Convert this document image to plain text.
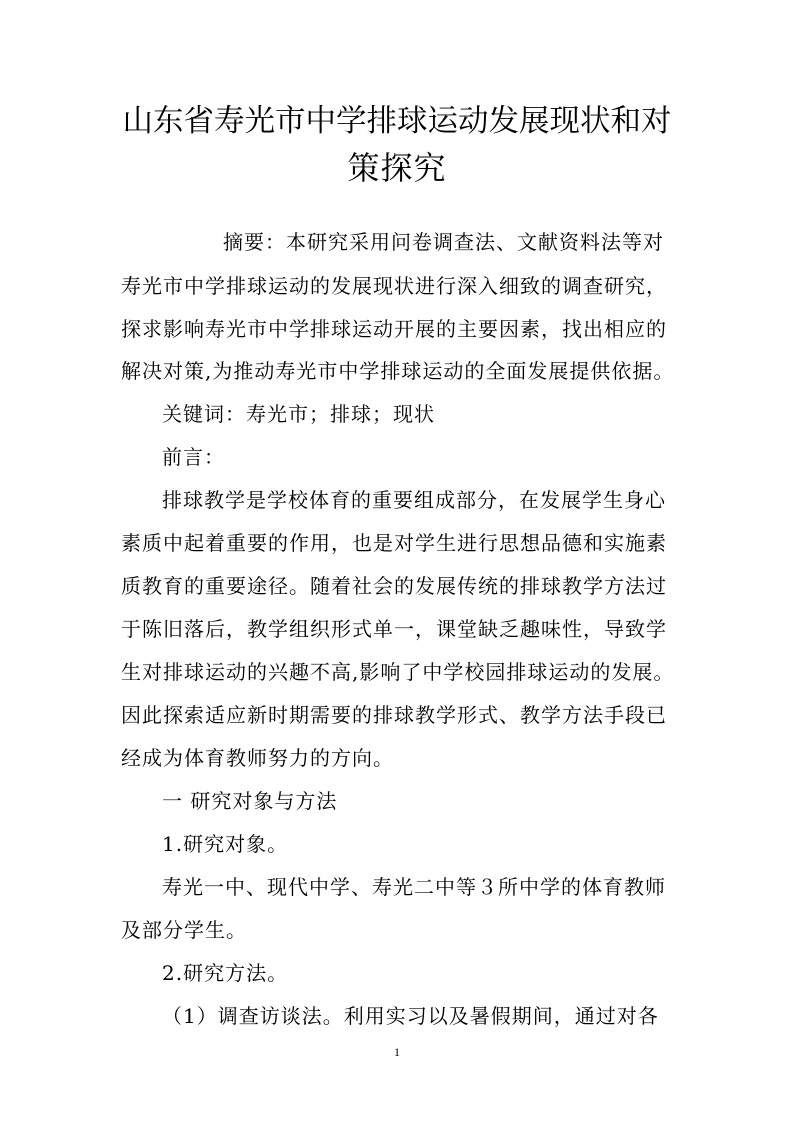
山东省寿光市中学排球运动发展现状和对
策探究
摘要：本研究采用问卷调查法、文献资料法等对
寿光市中学排球运动的发展现状进行深入细致的调查研究，
探求影响寿光市中学排球运动开展的主要因素，找出相应的
解决对策,为推动寿光市中学排球运动的全面发展提供依据。
关键词：寿光市；排球；现状
前言：
排球教学是学校体育的重要组成部分，在发展学生身心
素质中起着重要的作用，也是对学生进行思想品德和实施素
质教育的重要途径。随着社会的发展传统的排球教学方法过
于陈旧落后，教学组织形式单一，课堂缺乏趣味性，导致学
生对排球运动的兴趣不高,影响了中学校园排球运动的发展。
因此探索适应新时期需要的排球教学形式、教学方法手段已
经成为体育教师努力的方向。
一 研究对象与方法
1.研究对象。
寿光一中、现代中学、寿光二中等３所中学的体育教师
及部分学生。
2.研究方法。
（1）调查访谈法。利用实习以及暑假期间，通过对各
1
